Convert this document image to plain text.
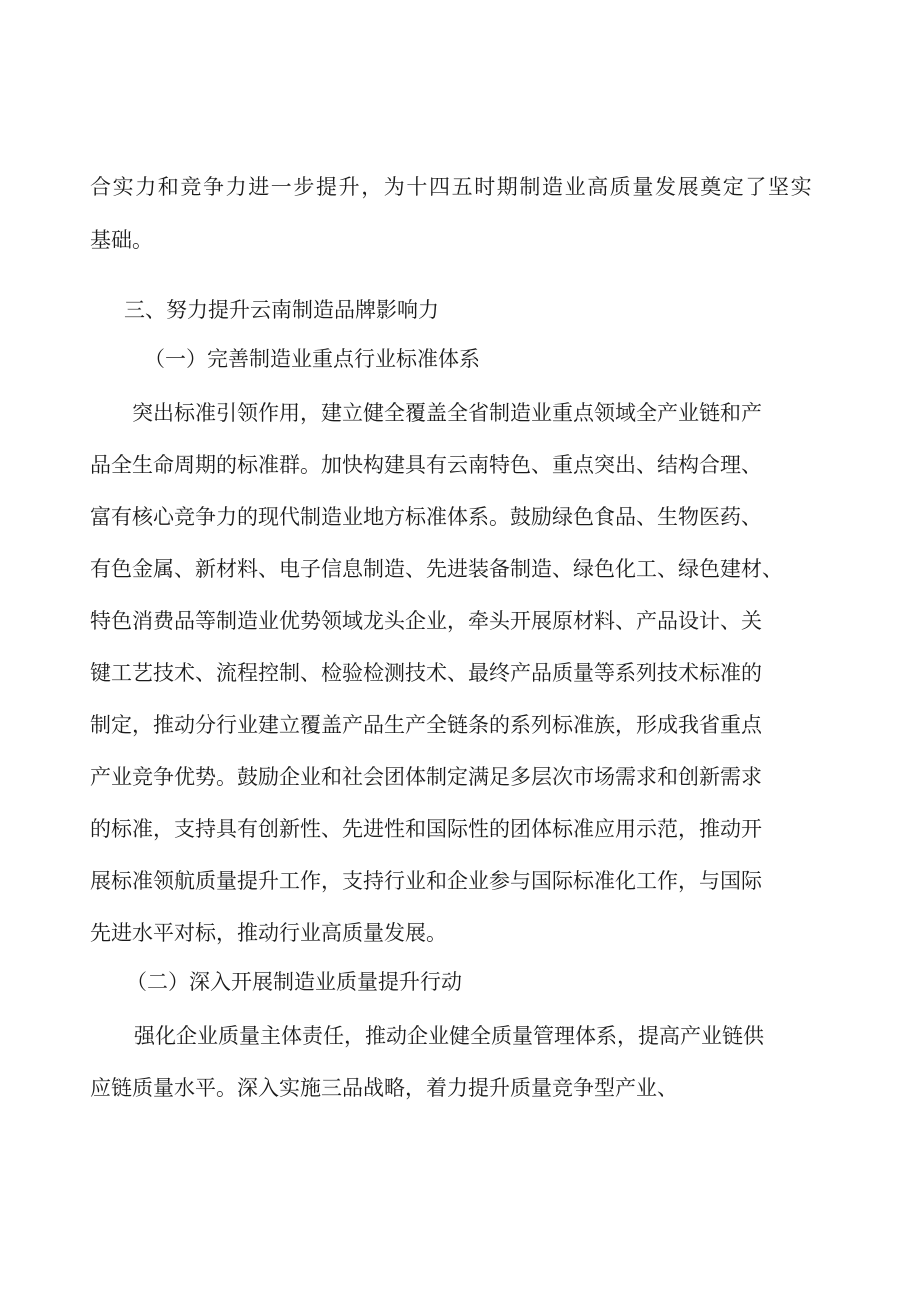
合实力和竞争力进一步提升，为十四五时期制造业高质量发展奠定了坚实
基础。
三、努力提升云南制造品牌影响力
（一）完善制造业重点行业标准体系
突出标准引领作用，建立健全覆盖全省制造业重点领域全产业链和产
品全生命周期的标准群。加快构建具有云南特色、重点突出、结构合理、
富有核心竞争力的现代制造业地方标准体系。鼓励绿色食品、生物医药、
有色金属、新材料、电子信息制造、先进装备制造、绿色化工、绿色建材、
特色消费品等制造业优势领域龙头企业，牵头开展原材料、产品设计、关
键工艺技术、流程控制、检验检测技术、最终产品质量等系列技术标准的
制定，推动分行业建立覆盖产品生产全链条的系列标准族，形成我省重点
产业竞争优势。鼓励企业和社会团体制定满足多层次市场需求和创新需求
的标准，支持具有创新性、先进性和国际性的团体标准应用示范，推动开
展标准领航质量提升工作，支持行业和企业参与国际标准化工作，与国际
先进水平对标，推动行业高质量发展。
（二）深入开展制造业质量提升行动
强化企业质量主体责任，推动企业健全质量管理体系，提高产业链供
应链质量水平。深入实施三品战略，着力提升质量竞争型产业、
